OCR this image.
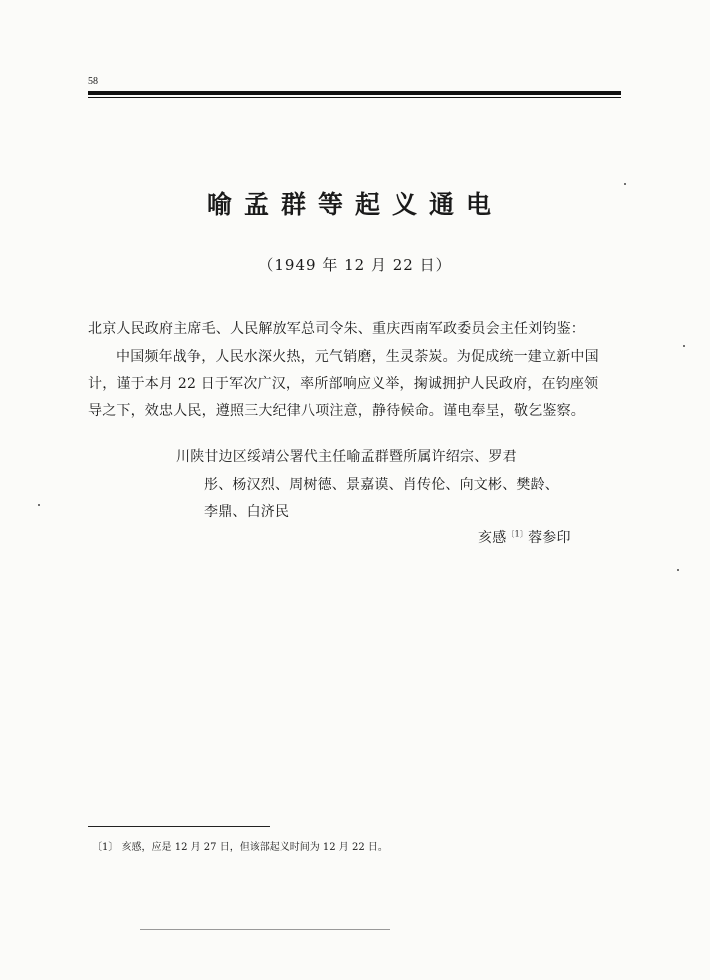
58
喻孟群等起义通电
（1949 年 12 月 22 日）
北京人民政府主席毛、人民解放军总司令朱、重庆西南军政委员会主任刘钧鉴：
中国频年战争，人民水深火热，元气销磨，生灵荼炭。为促成统一建立新中国
计，谨于本月 22 日于军次广汉，率所部响应义举，掬诚拥护人民政府，在钧座领
导之下，效忠人民，遵照三大纪律八项注意，静待候命。谨电奉呈，敬乞鉴察。
川陕甘边区绥靖公署代主任喻孟群暨所属许绍宗、罗君
彤、杨汉烈、周树德、景嘉谟、肖传伦、向文彬、樊龄、
李鼎、白济民
亥感$^{〔1〕}$蓉参印
〔1〕 亥感，应是 12 月 27 日，但该部起义时间为 12 月 22 日。
